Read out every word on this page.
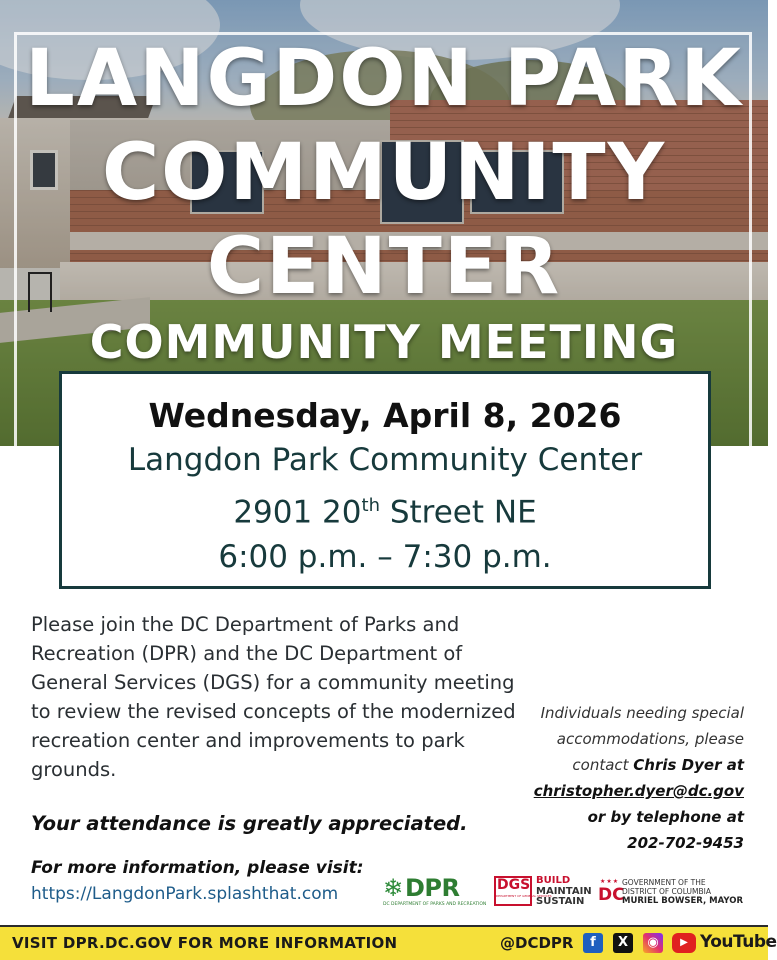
LANGDON PARK
COMMUNITY
CENTER
COMMUNITY MEETING

Wednesday, April 8, 2026

Langdon Park Community Center

2901 20th Street NE

6:00 p.m. – 7:30 p.m.

Please join the DC Department of Parks and Recreation (DPR) and the DC Department of General Services (DGS) for a community meeting to review the revised concepts of the modernized recreation center and improvements to park grounds.

Individuals needing special accommodations, please contact Chris Dyer at
christopher.dyer@dc.gov or by telephone at
202-702-9453

Your attendance is greatly appreciated.

For more information, please visit:

https://LangdonPark.splashthat.com ❄ DPR
DC DEPARTMENT OF PARKS AND RECREATION
DGS
DEPARTMENT OF GENERAL SERVICES
BUILD
MAINTAIN
SUSTAIN
★★★
DC
GOVERNMENT OF THE
DISTRICT OF COLUMBIA
MURIEL BOWSER, MAYOR
VISIT DPR.DC.GOV FOR MORE INFORMATION	@DCDPR	f	X	◉	▶ YouTube
